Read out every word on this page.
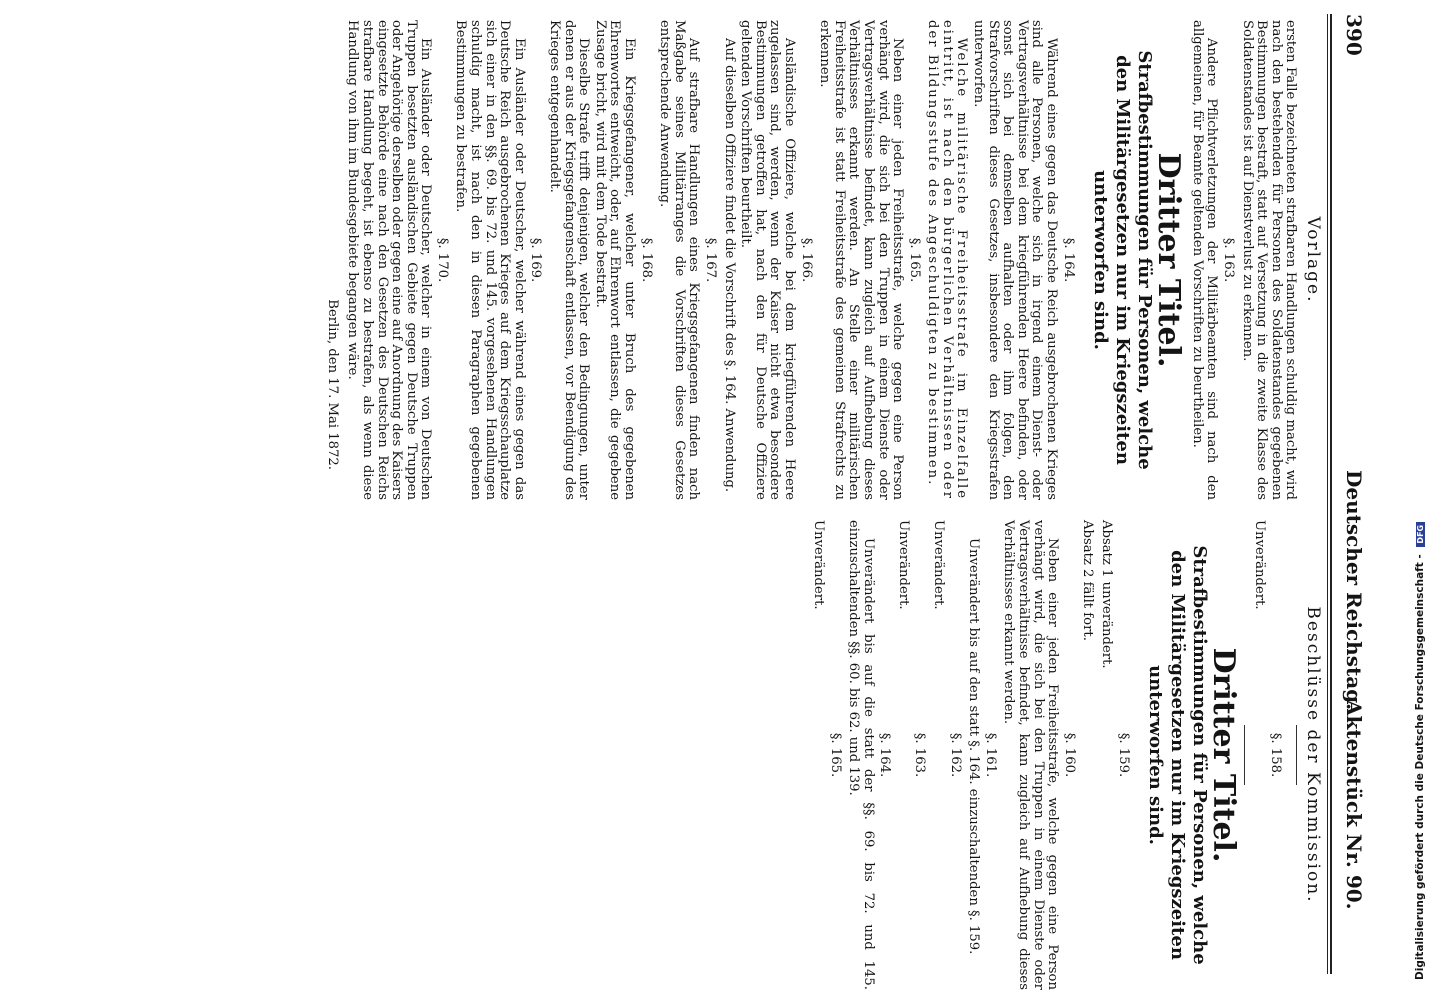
390
Deutscher Reichstag.
Aktenstück Nr. 90.
Vorlage.

ersten Falle bezeichneten strafbaren Handlungen schuldig macht, wird nach den bestehenden für Personen des Soldatenstandes gegebenen Bestimmungen bestraft, statt auf Versetzung in die zweite Klasse des Soldatenstandes ist auf Dienstverlust zu erkennen.

§. 163.

Andere Pflichtverletzungen der Militärbeamten sind nach den allgemeinen, für Beamte geltenden Vorschriften zu beurtheilen.

Dritter Titel.
Strafbestimmungen für Personen, welche den Militärgesetzen nur im Kriegszeiten unterworfen sind.
§. 164.

Während eines gegen das Deutsche Reich ausgebrochenen Krieges sind alle Personen, welche sich in irgend einem Dienst- oder Vertragsverhältnisse bei dem kriegführenden Heere befinden, oder sonst sich bei demselben aufhalten oder ihm folgen, den Strafvorschriften dieses Gesetzes, insbesondere den Kriegsstrafen unterworfen.

Welche militärische Freiheitsstrafe im Einzelfalle eintritt, ist nach den bürgerlichen Verhältnissen oder der Bildungsstufe des Angeschuldigten zu bestimmen.

§. 165.

Neben einer jeden Freiheitsstrafe, welche gegen eine Person verhängt wird, die sich bei den Truppen in einem Dienste oder Vertragsverhältnisse befindet, kann zugleich auf Aufhebung dieses Verhältnisses erkannt werden. An Stelle einer militärischen Freiheitsstrafe ist statt Freiheitsstrafe des gemeinen Strafrechts zu erkennen.

§. 166.

Ausländische Offiziere, welche bei dem kriegführenden Heere zugelassen sind, werden, wenn der Kaiser nicht etwa besondere Bestimmungen getroffen hat, nach den für Deutsche Offiziere geltenden Vorschriften beurtheilt.

Auf dieselben Offiziere findet die Vorschrift des §. 164. Anwendung.

§. 167.

Auf strafbare Handlungen eines Kriegsgefangenen finden nach Maßgabe seines Militärranges die Vorschriften dieses Gesetzes entsprechende Anwendung.

§. 168.

Ein Kriegsgefangener, welcher unter Bruch des gegebenen Ehrenwortes entweicht, oder, auf Ehrenwort entlassen, die gegebene Zusage bricht, wird mit dem Tode bestraft.

Dieselbe Strafe trifft denjenigen, welcher den Bedingungen, unter denen er aus der Kriegsgefangenschaft entlassen, vor Beendigung des Krieges entgegenhandelt.

§. 169.

Ein Ausländer oder Deutscher, welcher während eines gegen das Deutsche Reich ausgebrochenen Krieges auf dem Kriegsschauplatze sich einer in den §§. 69. bis 72. und 145. vorgesehenen Handlungen schuldig macht, ist nach den in diesen Paragraphen gegebenen Bestimmungen zu bestrafen.

§. 170.

Ein Ausländer oder Deutscher, welcher in einem von Deutschen Truppen besetzten ausländischen Gebiete gegen Deutsche Truppen oder Angehörige derselben oder gegen eine auf Anordnung des Kaisers eingesetzte Behörde eine nach den Gesetzen des Deutschen Reichs strafbare Handlung begeht, ist ebenso zu bestrafen, als wenn diese Handlung von ihm im Bundesgebiete begangen wäre.

Berlin, den 17. Mai 1872.
Beschlüsse der Kommission.
§. 158.

Unverändert.

Dritter Titel.
Strafbestimmungen für Personen, welche den Militärgesetzen nur im Kriegszeiten unterworfen sind.
§. 159.

Absatz 1 unverändert.

Absatz 2 fällt fort.

§. 160.

Neben einer jeden Freiheitsstrafe, welche gegen eine Person verhängt wird, die sich bei den Truppen in einem Dienste oder Vertragsverhältnisse befindet, kann zugleich auf Aufhebung dieses Verhältnisses erkannt werden.

§. 161.

Unverändert bis auf den statt §. 164. einzuschaltenden §. 159.

§. 162.

Unverändert.

§. 163.

Unverändert.

§. 164.

Unverändert bis auf die statt der §§. 69. bis 72. und 145. einzuschaltenden §§. 60. bis 62. und 139.

§. 165.

Unverändert.	Digitalisierung gefördert durch die Deutsche Forschungsgemeinschaft - DFG
